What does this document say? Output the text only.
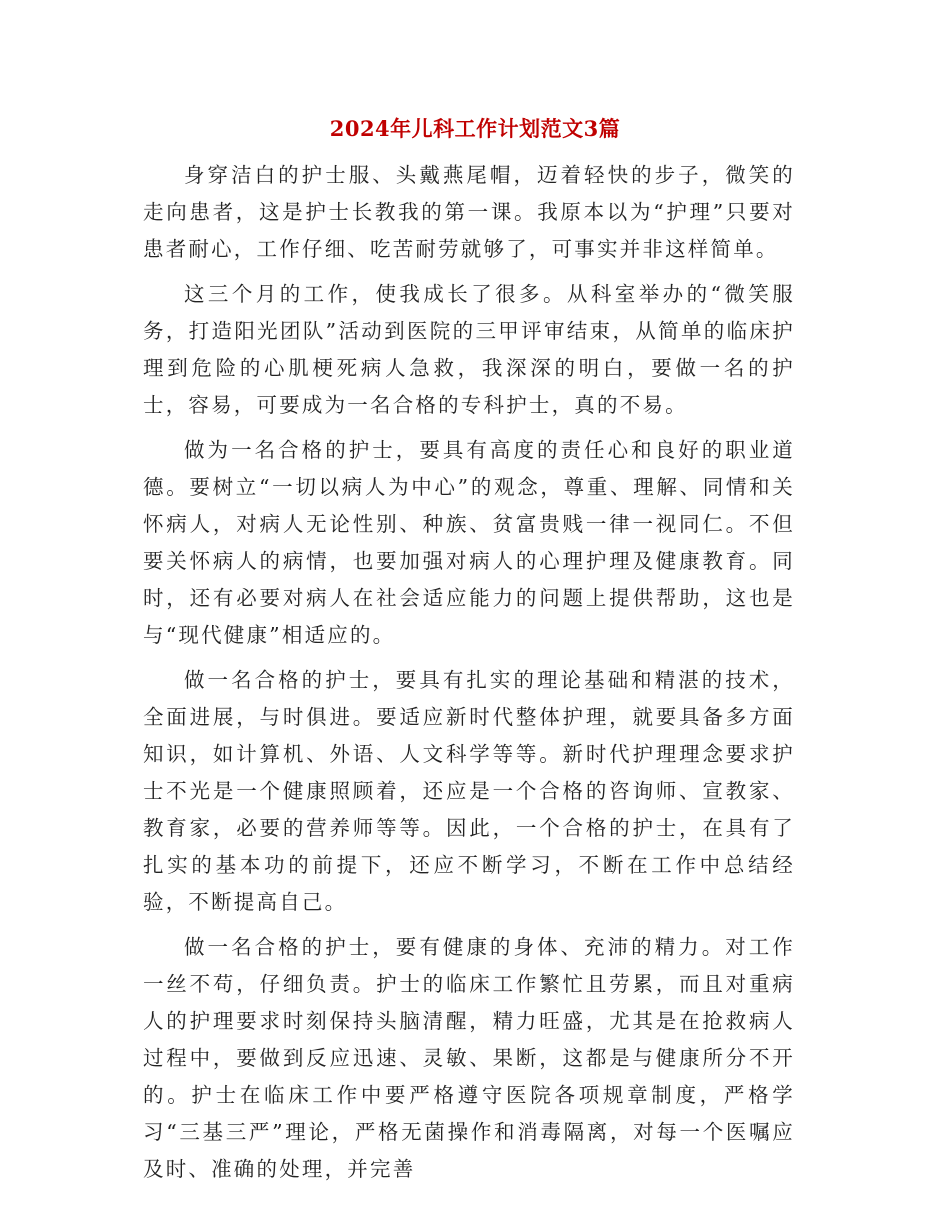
2024年儿科工作计划范文3篇

身穿洁白的护士服、头戴燕尾帽，迈着轻快的步子，微笑的走向患者，这是护士长教我的第一课。我原本以为“护理”只要对患者耐心，工作仔细、吃苦耐劳就够了，可事实并非这样简单。

这三个月的工作，使我成长了很多。从科室举办的“微笑服务，打造阳光团队”活动到医院的三甲评审结束，从简单的临床护理到危险的心肌梗死病人急救，我深深的明白，要做一名的护士，容易，可要成为一名合格的专科护士，真的不易。

做为一名合格的护士，要具有高度的责任心和良好的职业道德。要树立“一切以病人为中心”的观念，尊重、理解、同情和关怀病人，对病人无论性别、种族、贫富贵贱一律一视同仁。不但要关怀病人的病情，也要加强对病人的心理护理及健康教育。同时，还有必要对病人在社会适应能力的问题上提供帮助，这也是与“现代健康”相适应的。

做一名合格的护士，要具有扎实的理论基础和精湛的技术，全面进展，与时俱进。要适应新时代整体护理，就要具备多方面知识，如计算机、外语、人文科学等等。新时代护理理念要求护士不光是一个健康照顾着，还应是一个合格的咨询师、宣教家、教育家，必要的营养师等等。因此，一个合格的护士，在具有了扎实的基本功的前提下，还应不断学习，不断在工作中总结经验，不断提高自己。

做一名合格的护士，要有健康的身体、充沛的精力。对工作一丝不苟，仔细负责。护士的临床工作繁忙且劳累，而且对重病人的护理要求时刻保持头脑清醒，精力旺盛，尤其是在抢救病人过程中，要做到反应迅速、灵敏、果断，这都是与健康所分不开的。护士在临床工作中要严格遵守医院各项规章制度，严格学习“三基三严”理论，严格无菌操作和消毒隔离，对每一个医嘱应及时、准确的处理，并完善
